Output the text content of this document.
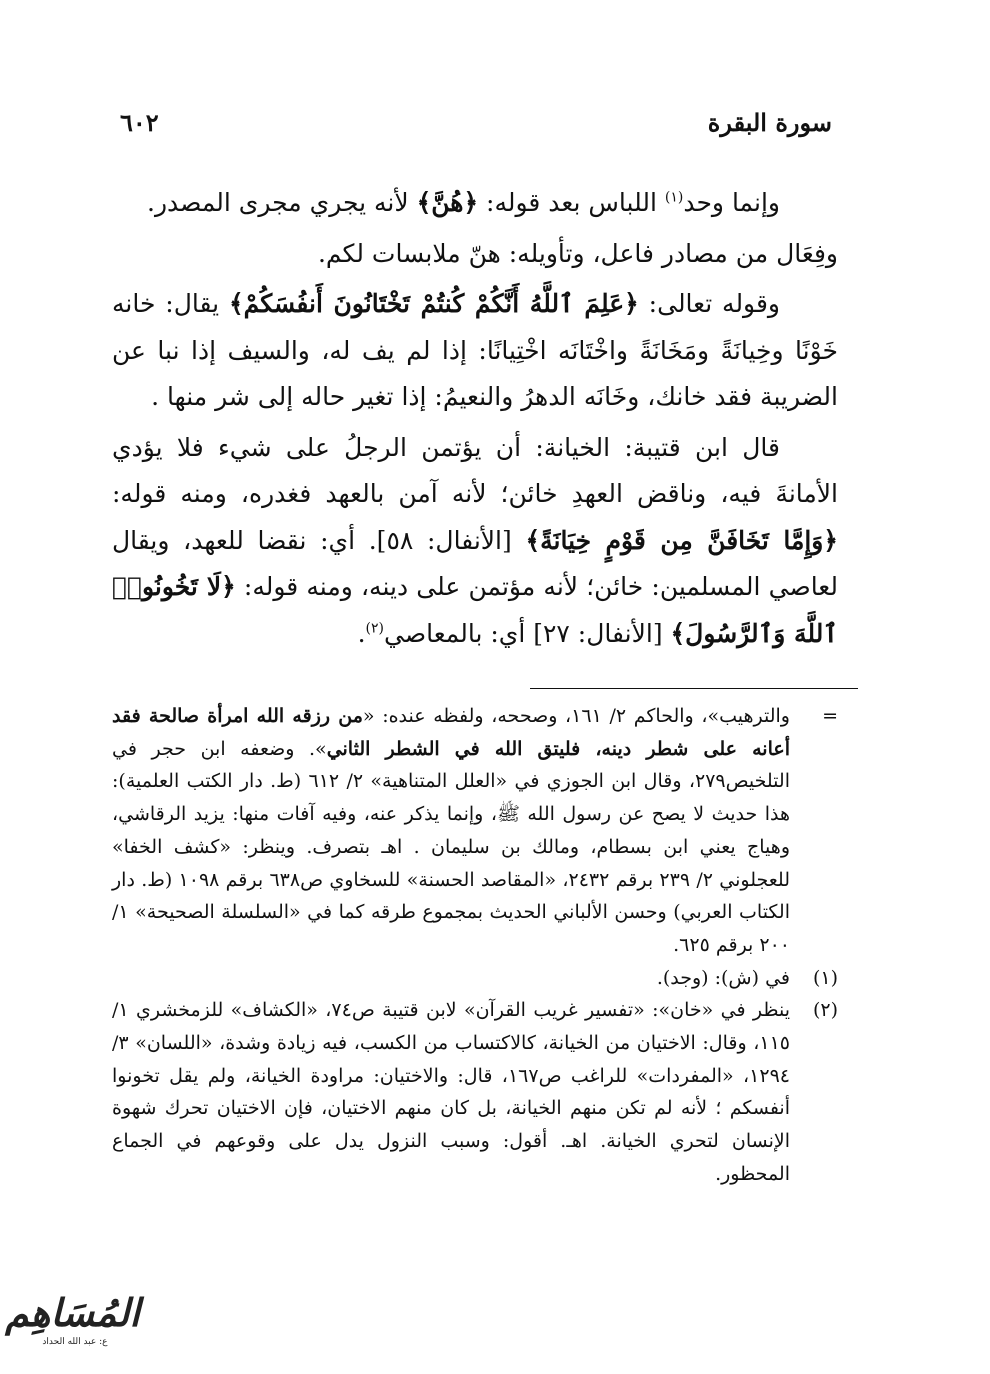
سورة البقرة
٦٠٢

وإنما وحد$^{(١)}$ اللباس بعد قوله: ﴿هُنَّ﴾ لأنه يجري مجرى المصدر.

وفِعَال من مصادر فاعل، وتأويله: هنّ ملابسات لكم.

وقوله تعالى: ﴿عَلِمَ ٱللَّهُ أَنَّكُمْ كُنتُمْ تَخْتَانُونَ أَنفُسَكُمْ﴾ يقال: خانه خَوْنًا وخِيانَةً ومَخَانَةً واخْتَانَه اخْتِيانًا: إذا لم يف له، والسيف إذا نبا عن الضريبة فقد خانك، وخَانَه الدهرُ والنعيمُ: إذا تغير حاله إلى شر منها .

قال ابن قتيبة: الخيانة: أن يؤتمن الرجلُ على شيء فلا يؤدي الأمانةَ فيه، وناقض العهدِ خائن؛ لأنه آمن بالعهد فغدره، ومنه قوله: ﴿وَإِمَّا تَخَافَنَّ مِن قَوْمٍ خِيَانَةً﴾ [الأنفال: ٥٨]. أي: نقضا للعهد، ويقال لعاصي المسلمين: خائن؛ لأنه مؤتمن على دينه، ومنه قوله: ﴿لَا تَخُونُوا۟ ٱللَّهَ وَٱلرَّسُولَ﴾ [الأنفال: ٢٧] أي: بالمعاصي$^{(٢)}$.

=
والترهيب»، والحاكم ٢/ ١٦١، وصححه، ولفظه عنده: «من رزقه الله امرأة صالحة فقد أعانه على شطر دينه، فليتق الله في الشطر الثاني». وضعفه ابن حجر في التلخيص٢٧٩، وقال ابن الجوزي في «العلل المتناهية» ٢/ ٦١٢ (ط. دار الكتب العلمية): هذا حديث لا يصح عن رسول الله ﷺ، وإنما يذكر عنه، وفيه آفات منها: يزيد الرقاشي، وهياج يعني ابن بسطام، ومالك بن سليمان . اهـ بتصرف. وينظر: «كشف الخفا» للعجلوني ٢/ ٢٣٩ برقم ٢٤٣٢، «المقاصد الحسنة» للسخاوي ص٦٣٨ برقم ١٠٩٨ (ط. دار الكتاب العربي) وحسن الألباني الحديث بمجموع طرقه كما في «السلسلة الصحيحة» ١/ ٢٠٠ برقم ٦٢٥.

(١)
في (ش): (وجد).

(٢)
ينظر في «خان»: «تفسير غريب القرآن» لابن قتيبة ص٧٤، «الكشاف» للزمخشري ١/ ١١٥، وقال: الاختيان من الخيانة، كالاكتساب من الكسب، فيه زيادة وشدة، «اللسان» ٣/ ١٢٩٤، «المفردات» للراغب ص١٦٧، قال: والاختيان: مراودة الخيانة، ولم يقل تخونوا أنفسكم ؛ لأنه لم تكن منهم الخيانة، بل كان منهم الاختيان، فإن الاختيان تحرك شهوة الإنسان لتحري الخيانة. اهـ. أقول: وسبب النزول يدل على وقوعهم في الجماع المحظور.

المُسَاهِم
ع: عبد الله الحداد
